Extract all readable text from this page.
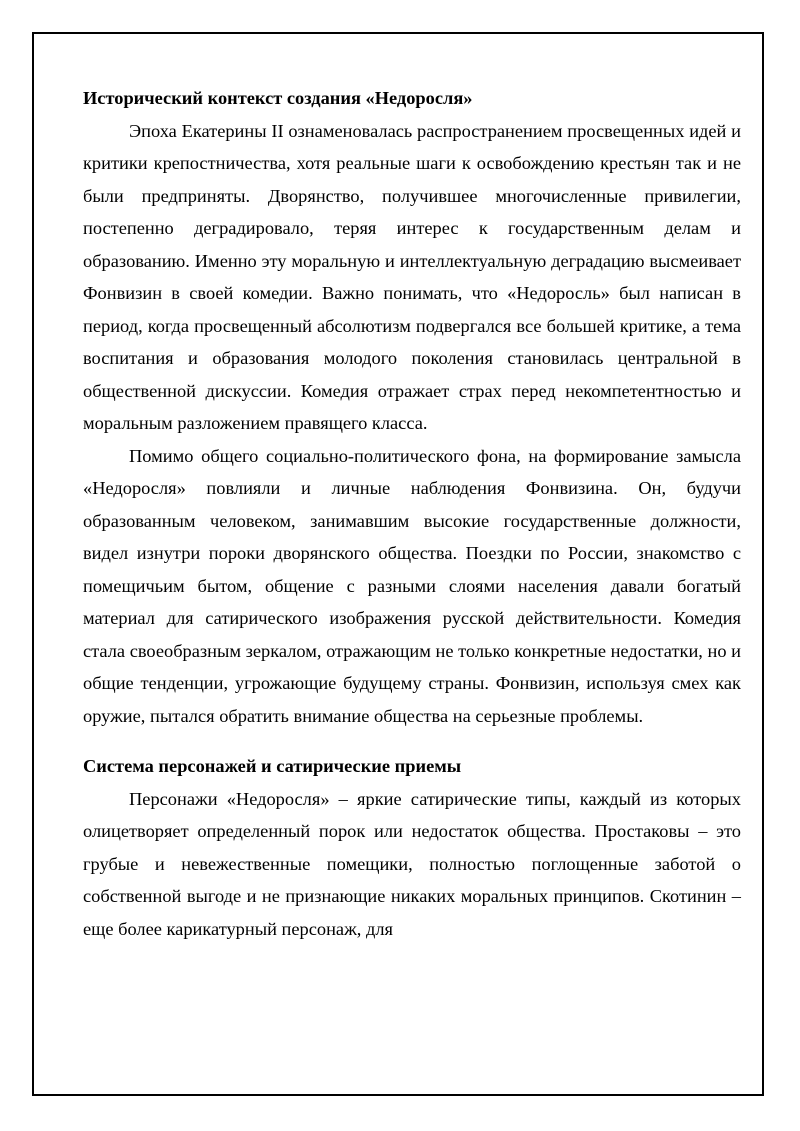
Исторический контекст создания «Недоросля»

Эпоха Екатерины II ознаменовалась распространением просвещенных идей и критики крепостничества, хотя реальные шаги к освобождению крестьян так и не были предприняты. Дворянство, получившее многочисленные привилегии, постепенно деградировало, теряя интерес к государственным делам и образованию. Именно эту моральную и интеллектуальную деградацию высмеивает Фонвизин в своей комедии. Важно понимать, что «Недоросль» был написан в период, когда просвещенный абсолютизм подвергался все большей критике, а тема воспитания и образования молодого поколения становилась центральной в общественной дискуссии. Комедия отражает страх перед некомпетентностью и моральным разложением правящего класса.

Помимо общего социально-политического фона, на формирование замысла «Недоросля» повлияли и личные наблюдения Фонвизина. Он, будучи образованным человеком, занимавшим высокие государственные должности, видел изнутри пороки дворянского общества. Поездки по России, знакомство с помещичьим бытом, общение с разными слоями населения давали богатый материал для сатирического изображения русской действительности. Комедия стала своеобразным зеркалом, отражающим не только конкретные недостатки, но и общие тенденции, угрожающие будущему страны. Фонвизин, используя смех как оружие, пытался обратить внимание общества на серьезные проблемы.

Система персонажей и сатирические приемы

Персонажи «Недоросля» – яркие сатирические типы, каждый из которых олицетворяет определенный порок или недостаток общества. Простаковы – это грубые и невежественные помещики, полностью поглощенные заботой о собственной выгоде и не признающие никаких моральных принципов. Скотинин – еще более карикатурный персонаж, для
